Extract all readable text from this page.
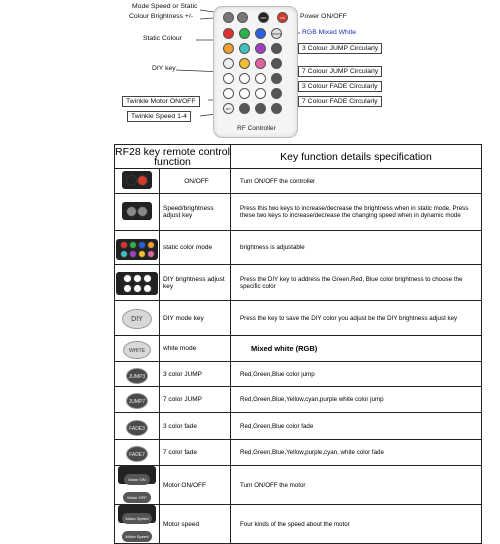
OFF	ON
WHITE
DIY
RF Controller
Mode Speed or Static
Colour Brightness +/-	Power ON/OFF
RGB Mixed White
Static Colour
3 Colour JUMP Circularly
DIY key	7 Colour JUMP Circularly
3 Colour FADE Circularly
Twinkle Motor ON/OFF	7 Colour FADE Circularly
Twinkle Speed 1-4
RF28 key remote control function		Key function details specification
	ON/OFF	Turn ON/OFF the controller
	Speed/brightness adjust key	Press this two keys to increase/decrease the brightness when in static mode, Press these two keys to increase/decrease the changing speed when in dynamic mode

	static color mode	brightness is adjustable

	DIY brightness adjust key	Press the DIY key to address the Green,Red, Blue color brightness to choose the specific color
DIY	DIY mode key	Press the key to save the DIY color you adjust be the DIY brightness adjust key
WHITE	white mode	Mixed white (RGB)
JUMP3	3 color JUMP	Red,Green,Blue color jump
JUMP7	7 color JUMP	Red,Green,Blue,Yellow,cyan,purple white color jump
FADE3	3 color fade	Red,Green,Blue color fade
FADE7	7 color fade	Red,Green,Blue,Yellow,purple,cyan, white color fade
Motor ONMotor OFF	Motor ON/OFF	Turn ON/OFF the motor
Motor SpeedMotor Speed	Motor speed	Four kinds of the speed about the motor
